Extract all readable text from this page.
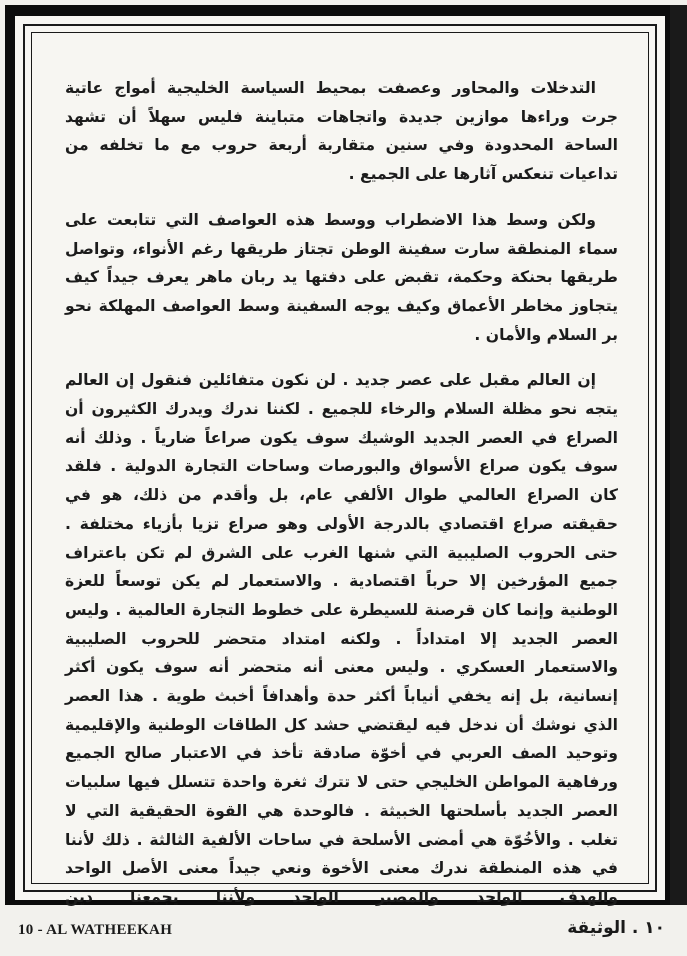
التدخلات والمحاور وعصفت بمحيط السياسة الخليجية أمواج عاتية جرت وراءها موازين جديدة واتجاهات متباينة فليس سهلاً أن تشهد الساحة المحدودة وفي سنين متقاربة أربعة حروب مع ما تخلفه من تداعيات تنعكس آثارها على الجميع .

ولكن وسط هذا الاضطراب ووسط هذه العواصف التي تتابعت على سماء المنطقة سارت سفينة الوطن تجتاز طريقها رغم الأنواء، وتواصل طريقها بحنكة وحكمة، تقبض على دفتها يد ربان ماهر يعرف جيداً كيف يتجاوز مخاطر الأعماق وكيف يوجه السفينة وسط العواصف المهلكة نحو بر السلام والأمان .

إن العالم مقبل على عصر جديد . لن نكون متفائلين فنقول إن العالم يتجه نحو مظلة السلام والرخاء للجميع . لكننا ندرك ويدرك الكثيرون أن الصراع في العصر الجديد الوشيك سوف يكون صراعاً ضارياً . وذلك أنه سوف يكون صراع الأسواق والبورصات وساحات التجارة الدولية . فلقد كان الصراع العالمي طوال الألفي عام، بل وأقدم من ذلك، هو في حقيقته صراع اقتصادي بالدرجة الأولى وهو صراع تزيا بأزياء مختلفة . حتى الحروب الصليبية التي شنها الغرب على الشرق لم تكن باعتراف جميع المؤرخين إلا حرباً اقتصادية . والاستعمار لم يكن توسعاً للعزة الوطنية وإنما كان قرصنة للسيطرة على خطوط التجارة العالمية . وليس العصر الجديد إلا امتداداً . ولكنه امتداد متحضر للحروب الصليبية والاستعمار العسكري . وليس معنى أنه متحضر أنه سوف يكون أكثر إنسانية، بل إنه يخفي أنياباً أكثر حدة وأهدافاً أخبث طوية . هذا العصر الذي نوشك أن ندخل فيه ليقتضي حشد كل الطاقات الوطنية والإقليمية وتوحيد الصف العربي في أخوّة صادقة تأخذ في الاعتبار صالح الجميع ورفاهية المواطن الخليجي حتى لا تترك ثغرة واحدة تتسلل فيها سلبيات العصر الجديد بأسلحتها الخبيثة . فالوحدة هي القوة الحقيقية التي لا تغلب . والأخُوّة هي أمضى الأسلحة في ساحات الألفية الثالثة . ذلك لأننا في هذه المنطقة ندرك معنى الأخوة ونعي جيداً معنى الأصل الواحد والهدف الواحد والمصير الواحد ولأننا يجمعنا دين

10 - AL WATHEEKAH	١٠ . الوثيقة
